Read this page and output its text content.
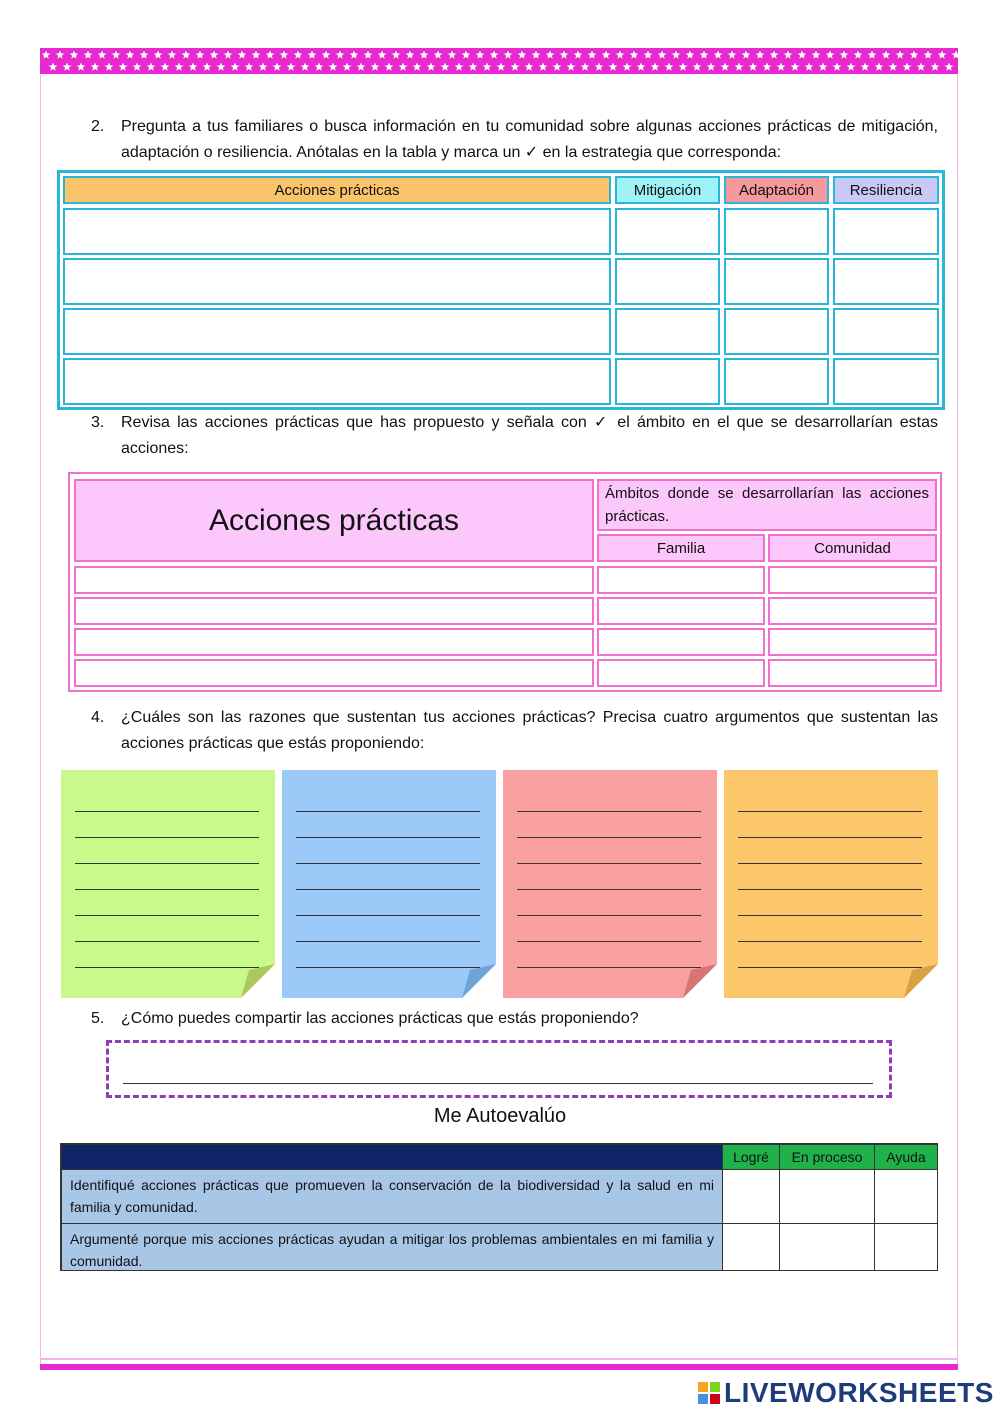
2. Pregunta a tus familiares o busca información en tu comunidad sobre algunas acciones prácticas de mitigación, adaptación o resiliencia. Anótalas en la tabla y marca un ✓ en la estrategia que corresponda:
Acciones prácticas	Mitigación	Adaptación	Resiliencia
3. Revisa las acciones prácticas que has propuesto y señala con ✓ el ámbito en el que se desarrollarían estas acciones:
Acciones prácticas
Ámbitos donde se desarrollarían las acciones prácticas.
Familia	Comunidad
4. ¿Cuáles son las razones que sustentan tus acciones prácticas? Precisa cuatro argumentos que sustentan las acciones prácticas que estás proponiendo:
5. ¿Cómo puedes compartir las acciones prácticas que estás proponiendo?
Me Autoevalúo
CRITERIOS	Logré	En proceso	Ayuda
Identifiqué acciones prácticas que promueven la conservación de la biodiversidad y la salud en mi familia y comunidad.
Argumenté porque mis acciones prácticas ayudan a mitigar los problemas ambientales en mi familia y comunidad.
LIVEWORKSHEETS
